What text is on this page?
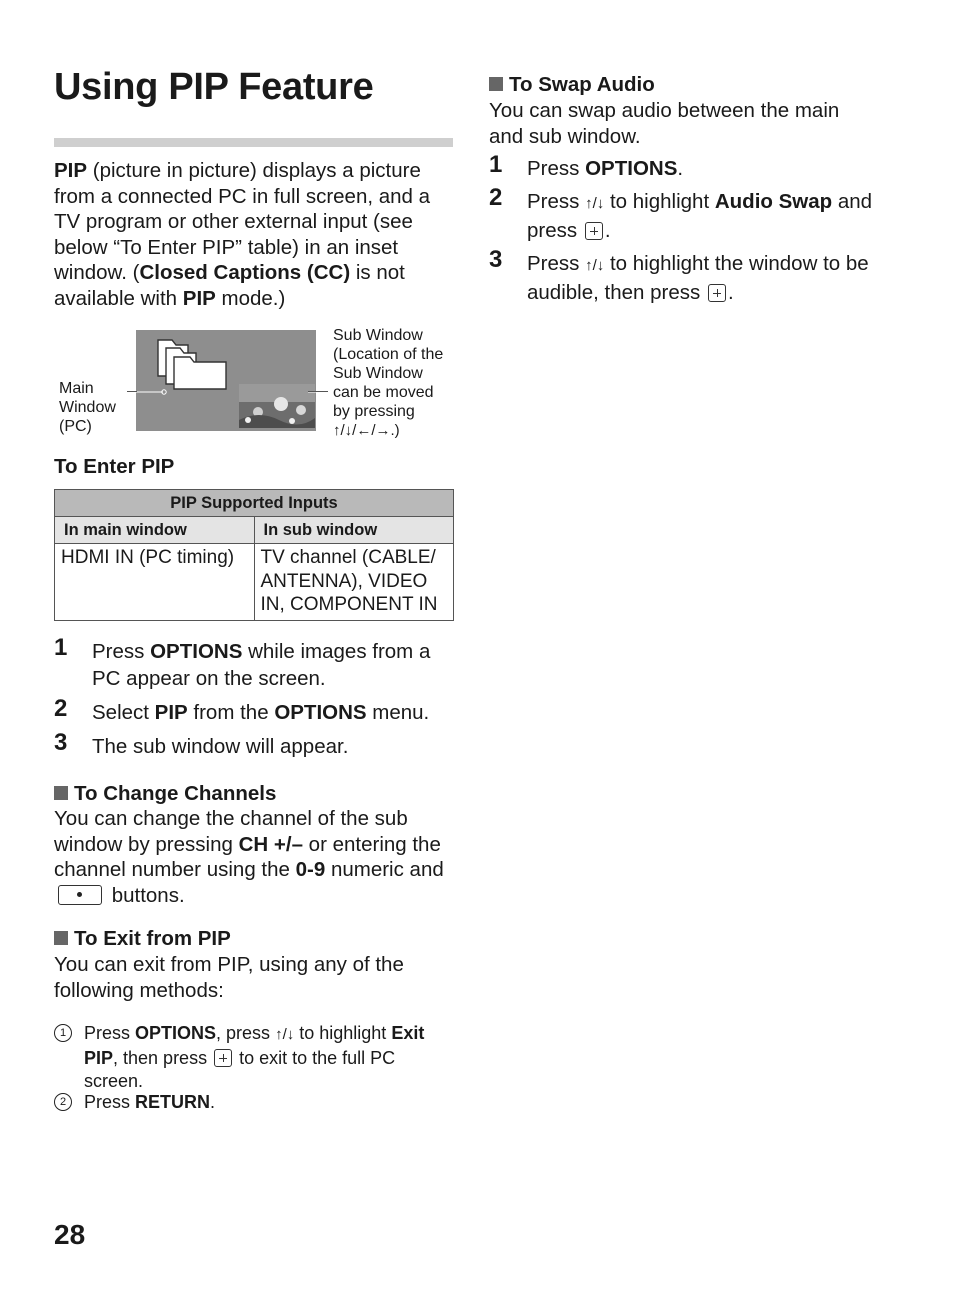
Using PIP Feature

PIP (picture in picture) displays a picture from a connected PC in full screen, and a TV program or other external input (see below “To Enter PIP” table) in an inset window. (Closed Captions (CC) is not available with PIP mode.)

Main
Window
(PC)
Sub Window
(Location of the
Sub Window
can be moved
by pressing
↑/↓/←/→.)
To Enter PIP
PIP Supported Inputs	
In main window	In sub window
HDMI IN (PC timing)	TV channel (CABLE/ ANTENNA), VIDEO IN, COMPONENT IN
1 Press OPTIONS while images from a PC appear on the screen.
2 Select PIP from the OPTIONS menu.
3 The sub window will appear.
To Change Channels

You can change the channel of the sub window by pressing CH +/– or entering the channel number using the 0-9 numeric and  buttons.

To Exit from PIP

You can exit from PIP, using any of the following methods:

1 Press OPTIONS, press ↑/↓ to highlight Exit PIP, then press  to exit to the full PC screen.
2 Press RETURN.
To Swap Audio

You can swap audio between the main and sub window.

1 Press OPTIONS.
2 Press ↑/↓ to highlight Audio Swap and press .
3 Press ↑/↓ to highlight the window to be audible, then press .
28
